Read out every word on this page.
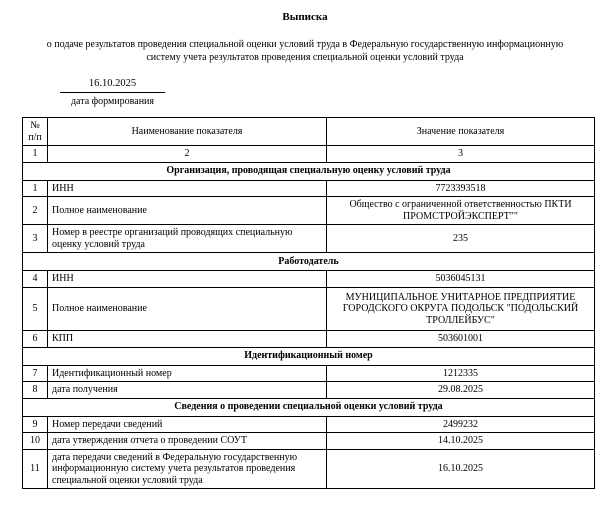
Выписка
о подаче результатов проведения специальной оценки условий труда в Федеральную государственную информационную
систему учета результатов проведения специальной оценки условий труда
16.10.2025
дата формирования
№ п/п	Наименование показателя	Значение показателя
1	2	3
Организация, проводящая специальную оценку условий труда		
1	ИНН	7723393518
2	Полное наименование	Общество с ограниченной ответственностью ПКТИ ПРОМСТРОЙЭКСПЕРТ""
3	Номер в реестре организаций проводящих специальную оценку условий труда	235
Работодатель		
4	ИНН	5036045131
5	Полное наименование	МУНИЦИПАЛЬНОЕ УНИТАРНОЕ ПРЕДПРИЯТИЕ ГОРОДСКОГО ОКРУГА ПОДОЛЬСК "ПОДОЛЬСКИЙ ТРОЛЛЕЙБУС"
6	КПП	503601001
Идентификационный номер		
7	Идентификационный номер	1212335
8	дата получения	29.08.2025
Сведения о проведении специальной оценки условий труда		
9	Номер передачи сведений	2499232
10	дата утверждения отчета о проведении СОУТ	14.10.2025
11	дата передачи сведений в Федеральную государственную информационную систему учета результатов проведения специальной оценки условий труда	16.10.2025
